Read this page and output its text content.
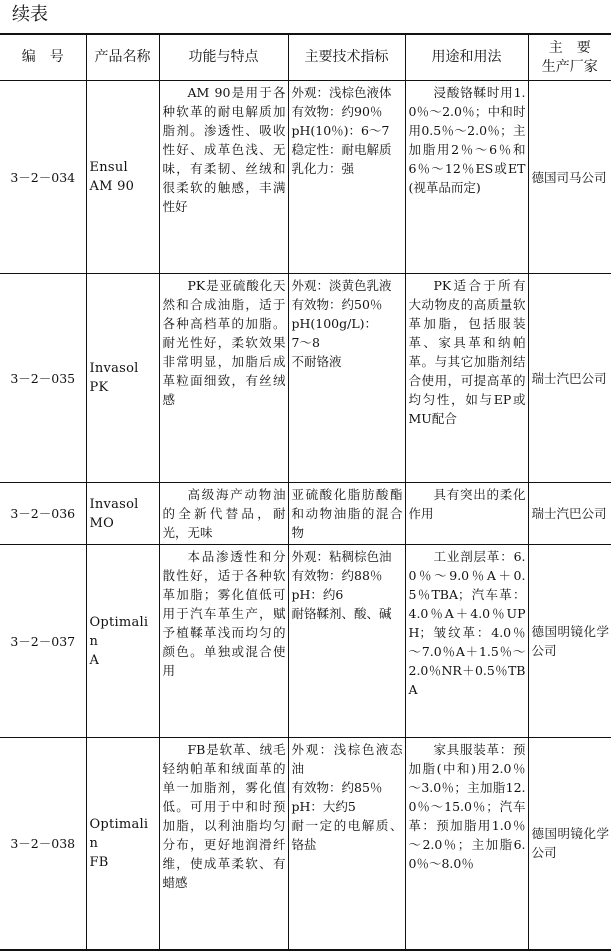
续表
编　号	产品名称	功能与特点	主要技术指标	用途和用法	主　要
生产厂家
3－2－034	Ensul
AM 90	AM 90是用于各种软革的耐电解质加脂剂。渗透性、吸收性好、成革色浅、无味，有柔韧、丝绒和很柔软的触感，丰满性好	外观：浅棕色液体
有效物：约90％
pH(10％)：6～7
稳定性：耐电解质
乳化力：强	浸酸铬鞣时用1.0％～2.0％；中和时用0.5％～2.0％；主加脂用2％～6％和6％～12％ES或ET(视革品而定)	德国司马公司
3－2－035	Invasol
PK	PK是亚硫酸化天然和合成油脂，适于各种高档革的加脂。耐光性好，柔软效果非常明显，加脂后成革粒面细致，有丝绒感	外观：淡黄色乳液
有效物：约50％
pH(100g/L)：
7～8
不耐铬液	PK适合于所有大动物皮的高质量软革加脂，包括服装革、家具革和纳帕革。与其它加脂剂结合使用，可提高革的均匀性，如与EP或MU配合	瑞士汽巴公司
3－2－036	Invasol
MO	高级海产动物油的全新代替品，耐光，无味	亚硫酸化脂肪酸酯和动物油脂的混合物	具有突出的柔化作用	瑞士汽巴公司
3－2－037	Optimalin
A	本品渗透性和分散性好，适于各种软革加脂；雾化值低可用于汽车革生产，赋予植鞣革浅而均匀的颜色。单独或混合使用	外观：粘稠棕色油
有效物：约88％
pH：约6
耐铬鞣剂、酸、碱	工业剖层革：6.0％～9.0％A＋0.5％TBA；汽车革：4.0％A＋4.0％UPH；皱纹革：4.0％～7.0％A＋1.5％～2.0％NR＋0.5％TBA	德国明镜化学公司
3－2－038	Optimalin
FB	FB是软革、绒毛轻纳帕革和绒面革的单一加脂剂，雾化值低。可用于中和时预加脂，以利油脂均匀分布，更好地润滑纤维，使成革柔软、有蜡感	外观：浅棕色液态油
有效物：约85％
pH：大约5
耐一定的电解质、铬盐	家具服装革：预加脂(中和)用2.0％～3.0％；主加脂12.0％～15.0％；汽车革：预加脂用1.0％～2.0％；主加脂6.0％～8.0％	德国明镜化学公司
